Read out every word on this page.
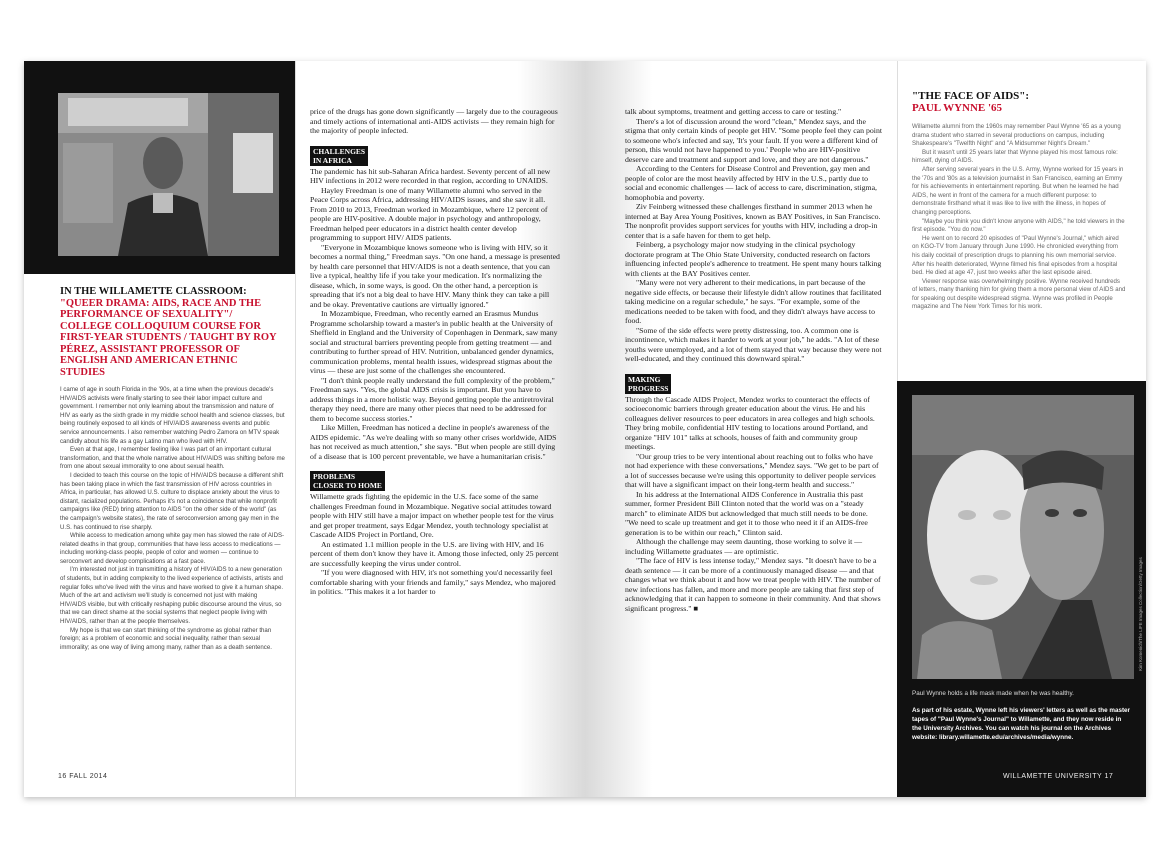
IN THE WILLAMETTE CLASSROOM:
"QUEER DRAMA: AIDS, RACE AND THE PERFORMANCE OF SEXUALITY"/ COLLEGE COLLOQUIUM COURSE FOR FIRST-YEAR STUDENTS / TAUGHT BY ROY PÉREZ, ASSISTANT PROFESSOR OF ENGLISH AND AMERICAN ETHNIC STUDIES

I came of age in south Florida in the '90s, at a time when the previous decade's HIV/AIDS activists were finally starting to see their labor impact culture and government. I remember not only learning about the transmission and nature of HIV as early as the sixth grade in my middle school health and science classes, but being routinely exposed to all kinds of HIV/AIDS awareness events and public service announcements. I also remember watching Pedro Zamora on MTV speak candidly about his life as a gay Latino man who lived with HIV.

Even at that age, I remember feeling like I was part of an important cultural transformation, and that the whole narrative about HIV/AIDS was shifting before me from one about sexual immorality to one about sexual health.

I decided to teach this course on the topic of HIV/AIDS because a different shift has been taking place in which the fast transmission of HIV across countries in Africa, in particular, has allowed U.S. culture to displace anxiety about the virus to distant, racialized populations. Perhaps it's not a coincidence that while nonprofit campaigns like (RED) bring attention to AIDS "on the other side of the world" (as the campaign's website states), the rate of seroconversion among gay men in the U.S. has continued to rise sharply.

While access to medication among white gay men has slowed the rate of AIDS-related deaths in that group, communities that have less access to medications — including working-class people, people of color and women — continue to seroconvert and develop complications at a fast pace.

I'm interested not just in transmitting a history of HIV/AIDS to a new generation of students, but in adding complexity to the lived experience of activists, artists and regular folks who've lived with the virus and have worked to give it a human shape. Much of the art and activism we'll study is concerned not just with making HIV/AIDS visible, but with critically reshaping public discourse around the virus, so that we can direct shame at the social systems that neglect people living with HIV/AIDS, rather than at the people themselves.

My hope is that we can start thinking of the syndrome as global rather than foreign; as a problem of economic and social inequality, rather than sexual immorality; as one way of living among many, rather than as a death sentence.

16 FALL 2014

price of the drugs has gone down significantly — largely due to the courageous and timely actions of international anti-AIDS activists — they remain high for the majority of people infected.

CHALLENGES
IN AFRICA

The pandemic has hit sub-Saharan Africa hardest. Seventy percent of all new HIV infections in 2012 were recorded in that region, according to UNAIDS.

Hayley Freedman is one of many Willamette alumni who served in the Peace Corps across Africa, addressing HIV/AIDS issues, and she saw it all. From 2010 to 2013, Freedman worked in Mozambique, where 12 percent of people are HIV-positive. A double major in psychology and anthropology, Freedman helped peer educators in a district health center develop programming to support HIV/ AIDS patients.

"Everyone in Mozambique knows someone who is living with HIV, so it becomes a normal thing," Freedman says. "On one hand, a message is presented by health care personnel that HIV/AIDS is not a death sentence, that you can live a typical, healthy life if you take your medication. It's normalizing the disease, which, in some ways, is good. On the other hand, a perception is spreading that it's not a big deal to have HIV. Many think they can take a pill and be okay. Preventative cautions are virtually ignored."

In Mozambique, Freedman, who recently earned an Erasmus Mundus Programme scholarship toward a master's in public health at the University of Sheffield in England and the University of Copenhagen in Denmark, saw many social and structural barriers preventing people from getting treatment — and contributing to further spread of HIV. Nutrition, unbalanced gender dynamics, communication problems, mental health issues, widespread stigmas about the virus — these are just some of the challenges she encountered.

"I don't think people really understand the full complexity of the problem," Freedman says. "Yes, the global AIDS crisis is important. But you have to address things in a more holistic way. Beyond getting people the antiretroviral therapy they need, there are many other pieces that need to be addressed for them to become success stories."

Like Millen, Freedman has noticed a decline in people's awareness of the AIDS epidemic. "As we're dealing with so many other crises worldwide, AIDS has not received as much attention," she says. "But when people are still dying of a disease that is 100 percent preventable, we have a humanitarian crisis."

PROBLEMS
CLOSER TO HOME

Willamette grads fighting the epidemic in the U.S. face some of the same challenges Freedman found in Mozambique. Negative social attitudes toward people with HIV still have a major impact on whether people test for the virus and get proper treatment, says Edgar Mendez, youth technology specialist at Cascade AIDS Project in Portland, Ore.

An estimated 1.1 million people in the U.S. are living with HIV, and 16 percent of them don't know they have it. Among those infected, only 25 percent are successfully keeping the virus under control.

"If you were diagnosed with HIV, it's not something you'd necessarily feel comfortable sharing with your friends and family," says Mendez, who majored in politics. "This makes it a lot harder to

talk about symptoms, treatment and getting access to care or testing."

There's a lot of discussion around the word "clean," Mendez says, and the stigma that only certain kinds of people get HIV. "Some people feel they can point to someone who's infected and say, 'It's your fault. If you were a different kind of person, this would not have happened to you.' People who are HIV-positive deserve care and treatment and support and love, and they are not dangerous."

According to the Centers for Disease Control and Prevention, gay men and people of color are the most heavily affected by HIV in the U.S., partly due to social and economic challenges — lack of access to care, discrimination, stigma, homophobia and poverty.

Ziv Feinberg witnessed these challenges firsthand in summer 2013 when he interned at Bay Area Young Positives, known as BAY Positives, in San Francisco. The nonprofit provides support services for youths with HIV, including a drop-in center that is a safe haven for them to get help.

Feinberg, a psychology major now studying in the clinical psychology doctorate program at The Ohio State University, conducted research on factors influencing infected people's adherence to treatment. He spent many hours talking with clients at the BAY Positives center.

"Many were not very adherent to their medications, in part because of the negative side effects, or because their lifestyle didn't allow routines that facilitated taking medicine on a regular schedule," he says. "For example, some of the medications needed to be taken with food, and they didn't always have access to food.

"Some of the side effects were pretty distressing, too. A common one is incontinence, which makes it harder to work at your job," he adds. "A lot of these youths were unemployed, and a lot of them stayed that way because they were not well-educated, and they continued this downward spiral."

MAKING
PROGRESS

Through the Cascade AIDS Project, Mendez works to counteract the effects of socioeconomic barriers through greater education about the virus. He and his colleagues deliver resources to peer educators in area colleges and high schools. They bring mobile, confidential HIV testing to locations around Portland, and organize "HIV 101" talks at schools, houses of faith and community group meetings.

"Our group tries to be very intentional about reaching out to folks who have not had experience with these conversations," Mendez says. "We get to be part of a lot of successes because we're using this opportunity to deliver people services that will have a significant impact on their long-term health and success."

In his address at the International AIDS Conference in Australia this past summer, former President Bill Clinton noted that the world was on a "steady march" to eliminate AIDS but acknowledged that much still needs to be done. "We need to scale up treatment and get it to those who need it if an AIDS-free generation is to be within our reach," Clinton said.

Although the challenge may seem daunting, those working to solve it — including Willamette graduates — are optimistic.

"The face of HIV is less intense today," Mendez says. "It doesn't have to be a death sentence — it can be more of a continuously managed disease — and that changes what we think about it and how we treat people with HIV. The number of new infections has fallen, and more and more people are taking that first step of acknowledging that it can happen to someone in their community. And that shows significant progress." ■

"THE FACE OF AIDS":
PAUL WYNNE '65

Willamette alumni from the 1960s may remember Paul Wynne '65 as a young drama student who starred in several productions on campus, including Shakespeare's "Twelfth Night" and "A Midsummer Night's Dream."

But it wasn't until 25 years later that Wynne played his most famous role: himself, dying of AIDS.

After serving several years in the U.S. Army, Wynne worked for 15 years in the '70s and '80s as a television journalist in San Francisco, earning an Emmy for his achievements in entertainment reporting. But when he learned he had AIDS, he went in front of the camera for a much different purpose: to demonstrate firsthand what it was like to live with the illness, in hopes of changing perceptions.

"Maybe you think you didn't know anyone with AIDS," he told viewers in the first episode. "You do now."

He went on to record 20 episodes of "Paul Wynne's Journal," which aired on KGO-TV from January through June 1990. He chronicled everything from his daily cocktail of prescription drugs to planning his own memorial service. After his health deteriorated, Wynne filmed his final episodes from a hospital bed. He died at age 47, just two weeks after the last episode aired.

Viewer response was overwhelmingly positive. Wynne received hundreds of letters, many thanking him for giving them a more personal view of AIDS and for speaking out despite widespread stigma. Wynne was profiled in People magazine and The New York Times for his work.

Kim Komenich/The LIFE Images Collection/Getty Images
Paul Wynne holds a life mask made when he was healthy.
As part of his estate, Wynne left his viewers' letters as well as the master tapes of "Paul Wynne's Journal" to Willamette, and they now reside in the University Archives. You can watch his journal on the Archives website: library.willamette.edu/archives/media/wynne.
WILLAMETTE UNIVERSITY 17
